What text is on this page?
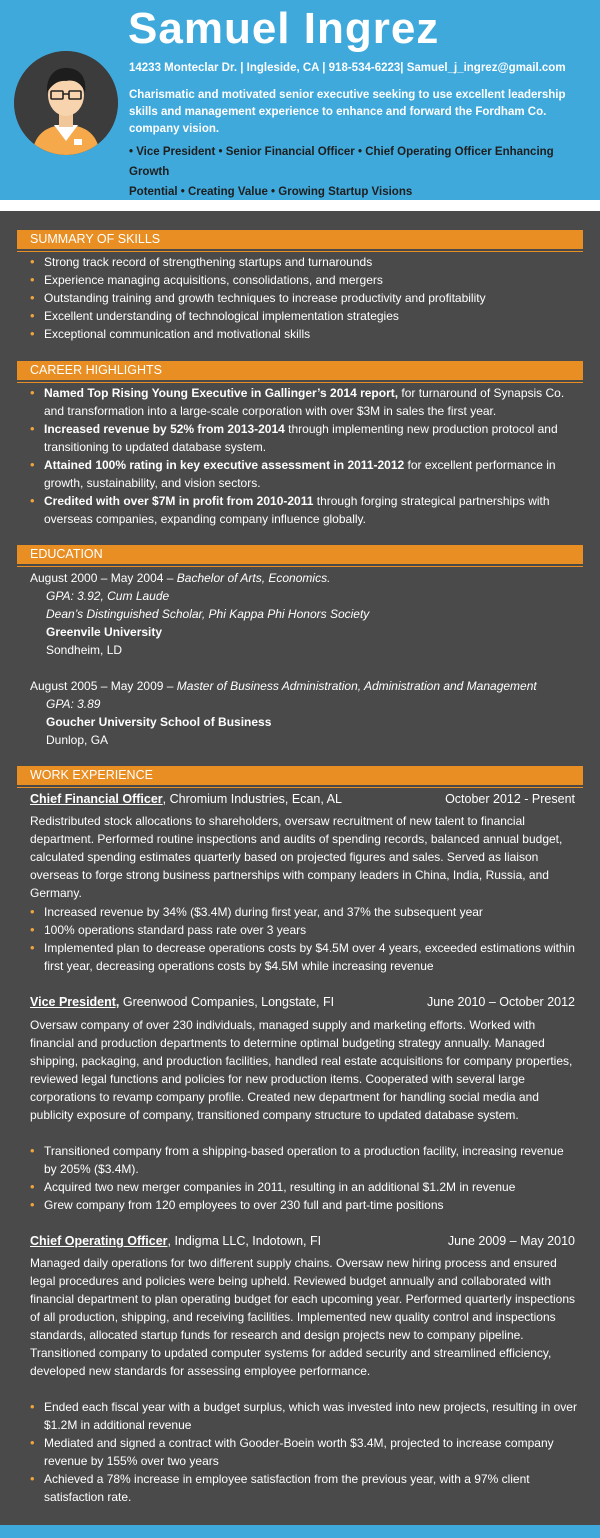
Samuel Ingrez
14233 Monteclar Dr. | Ingleside, CA | 918-534-6223| Samuel_j_ingrez@gmail.com
Charismatic and motivated senior executive seeking to use excellent leadership skills and management experience to enhance and forward the Fordham Co. company vision.
• Vice President • Senior Financial Officer • Chief Operating Officer Enhancing Growth
Potential • Creating Value • Growing Startup Visions
SUMMARY OF SKILLS
• Strong track record of strengthening startups and turnarounds
• Experience managing acquisitions, consolidations, and mergers
• Outstanding training and growth techniques to increase productivity and profitability
• Excellent understanding of technological implementation strategies
• Exceptional communication and motivational skills
CAREER HIGHLIGHTS
• Named Top Rising Young Executive in Gallinger’s 2014 report, for turnaround of Synapsis Co. and transformation into a large-scale corporation with over $3M in sales the first year.
• Increased revenue by 52% from 2013-2014 through implementing new production protocol and transitioning to updated database system.
• Attained 100% rating in key executive assessment in 2011-2012 for excellent performance in growth, sustainability, and vision sectors.
• Credited with over $7M in profit from 2010-2011 through forging strategical partnerships with overseas companies, expanding company influence globally.
EDUCATION
August 2000 – May 2004 – Bachelor of Arts, Economics.
GPA: 3.92, Cum Laude
Dean’s Distinguished Scholar, Phi Kappa Phi Honors Society
Greenvile University
Sondheim, LD
August 2005 – May 2009 – Master of Business Administration, Administration and Management
GPA: 3.89
Goucher University School of Business
Dunlop, GA
WORK EXPERIENCE
Chief Financial Officer, Chromium Industries, Ecan, AL	October 2012 - Present
Redistributed stock allocations to shareholders, oversaw recruitment of new talent to financial department. Performed routine inspections and audits of spending records, balanced annual budget, calculated spending estimates quarterly based on projected figures and sales. Served as liaison overseas to forge strong business partnerships with company leaders in China, India, Russia, and Germany.
• Increased revenue by 34% ($3.4M) during first year, and 37% the subsequent year
• 100% operations standard pass rate over 3 years
• Implemented plan to decrease operations costs by $4.5M over 4 years, exceeded estimations within first year, decreasing operations costs by $4.5M while increasing revenue
Vice President, Greenwood Companies, Longstate, FI	June 2010 – October 2012
Oversaw company of over 230 individuals, managed supply and marketing efforts. Worked with financial and production departments to determine optimal budgeting strategy annually. Managed shipping, packaging, and production facilities, handled real estate acquisitions for company properties, reviewed legal functions and policies for new production items. Cooperated with several large corporations to revamp company profile. Created new department for handling social media and publicity exposure of company, transitioned company structure to updated database system.
• Transitioned company from a shipping-based operation to a production facility, increasing revenue by 205% ($3.4M).
• Acquired two new merger companies in 2011, resulting in an additional $1.2M in revenue
• Grew company from 120 employees to over 230 full and part-time positions
Chief Operating Officer, Indigma LLC, Indotown, FI	June 2009 – May 2010
Managed daily operations for two different supply chains. Oversaw new hiring process and ensured legal procedures and policies were being upheld. Reviewed budget annually and collaborated with financial department to plan operating budget for each upcoming year. Performed quarterly inspections of all production, shipping, and receiving facilities. Implemented new quality control and inspections standards, allocated startup funds for research and design projects new to company pipeline. Transitioned company to updated computer systems for added security and streamlined efficiency, developed new standards for assessing employee performance.
• Ended each fiscal year with a budget surplus, which was invested into new projects, resulting in over $1.2M in additional revenue
• Mediated and signed a contract with Gooder-Boein worth $3.4M, projected to increase company revenue by 155% over two years
• Achieved a 78% increase in employee satisfaction from the previous year, with a 97% client satisfaction rate.
